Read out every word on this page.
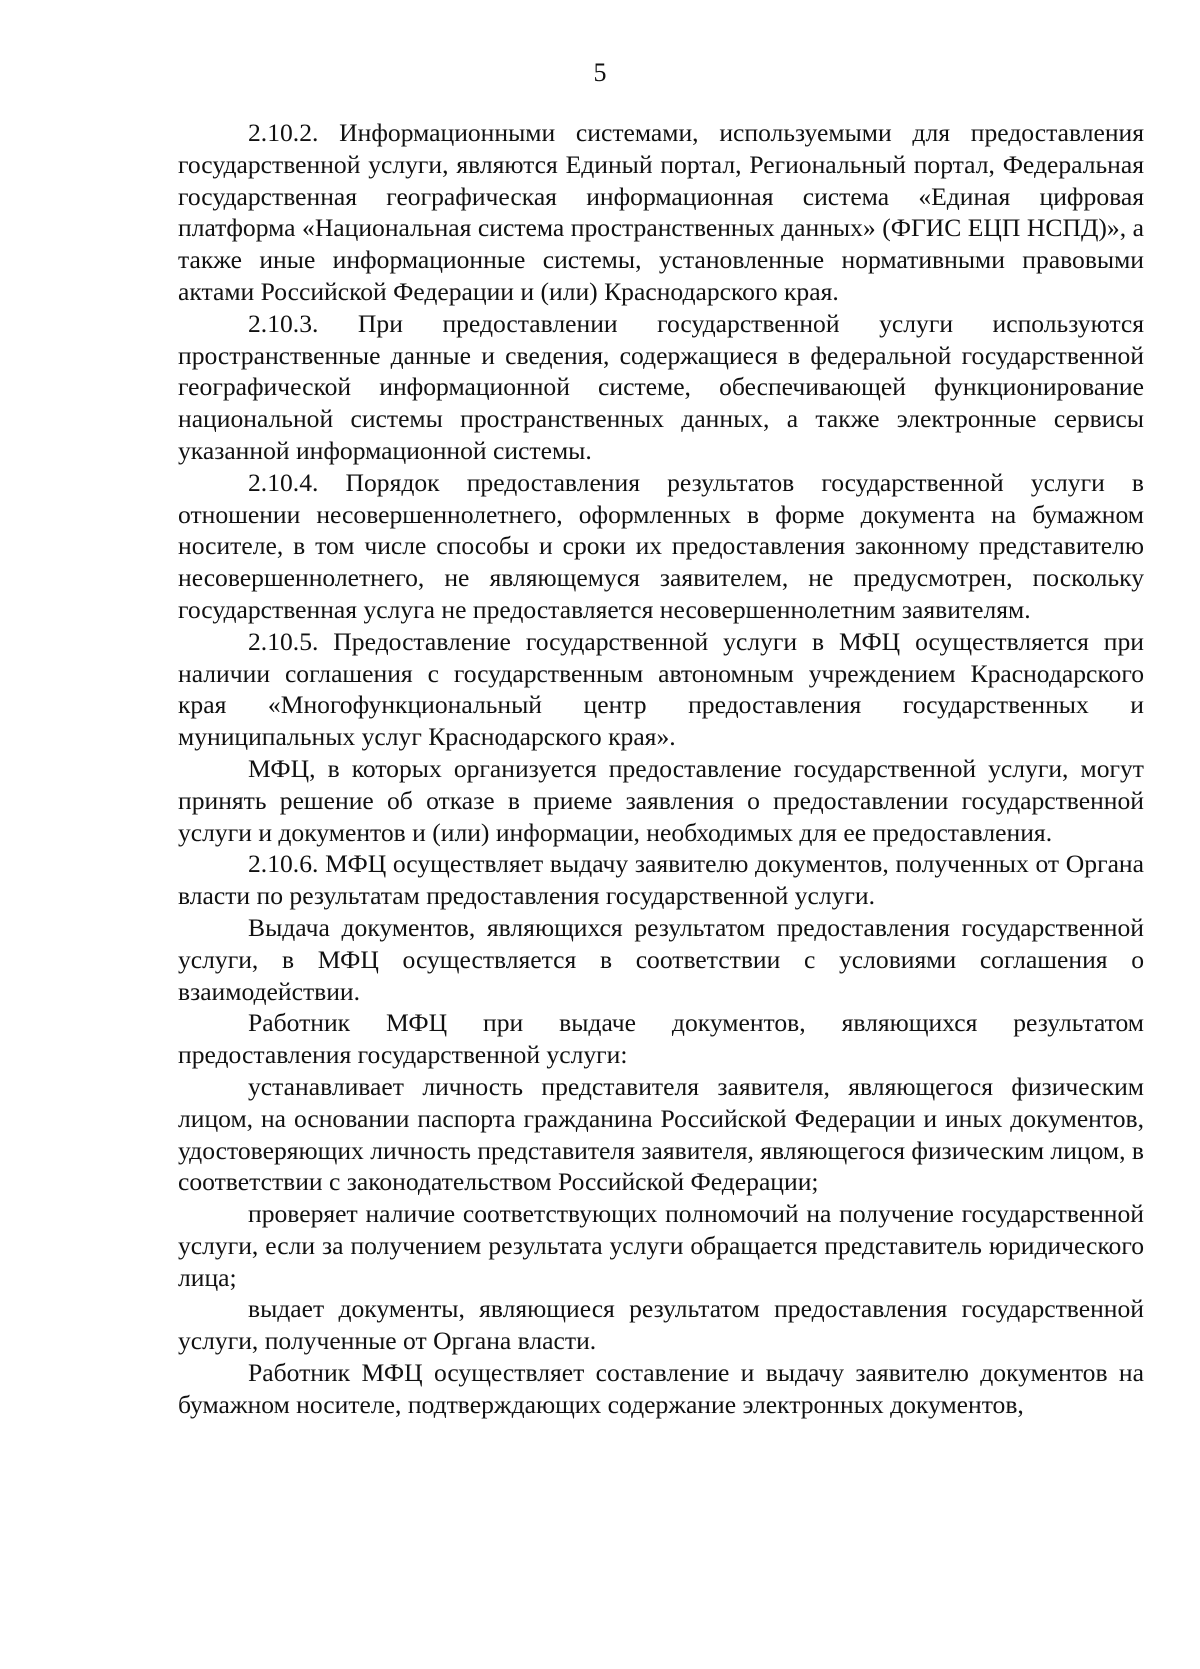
5

2.10.2. Информационными системами, используемыми для предоставления государственной услуги, являются Единый портал, Региональный портал, Федеральная государственная географическая информационная система «Единая цифровая платформа «Национальная система пространственных данных» (ФГИС ЕЦП НСПД)», а также иные информационные системы, установленные нормативными правовыми актами Российской Федерации и (или) Краснодарского края.

2.10.3. При предоставлении государственной услуги используются пространственные данные и сведения, содержащиеся в федеральной государственной географической информационной системе, обеспечивающей функционирование национальной системы пространственных данных, а также электронные сервисы указанной информационной системы.

2.10.4. Порядок предоставления результатов государственной услуги в отношении несовершеннолетнего, оформленных в форме документа на бумажном носителе, в том числе способы и сроки их предоставления законному представителю несовершеннолетнего, не являющемуся заявителем, не предусмотрен, поскольку государственная услуга не предоставляется несовершеннолетним заявителям.

2.10.5. Предоставление государственной услуги в МФЦ осуществляется при наличии соглашения с государственным автономным учреждением Краснодарского края «Многофункциональный центр предоставления государственных и муниципальных услуг Краснодарского края».

МФЦ, в которых организуется предоставление государственной услуги, могут принять решение об отказе в приеме заявления о предоставлении государственной услуги и документов и (или) информации, необходимых для ее предоставления.

2.10.6. МФЦ осуществляет выдачу заявителю документов, полученных от Органа власти по результатам предоставления государственной услуги.

Выдача документов, являющихся результатом предоставления государственной услуги, в МФЦ осуществляется в соответствии с условиями соглашения о взаимодействии.

Работник МФЦ при выдаче документов, являющихся результатом предоставления государственной услуги:

устанавливает личность представителя заявителя, являющегося физическим лицом, на основании паспорта гражданина Российской Федерации и иных документов, удостоверяющих личность представителя заявителя, являющегося физическим лицом, в соответствии с законодательством Российской Федерации;

проверяет наличие соответствующих полномочий на получение государственной услуги, если за получением результата услуги обращается представитель юридического лица;

выдает документы, являющиеся результатом предоставления государственной услуги, полученные от Органа власти.

Работник МФЦ осуществляет составление и выдачу заявителю документов на бумажном носителе, подтверждающих содержание электронных документов,
